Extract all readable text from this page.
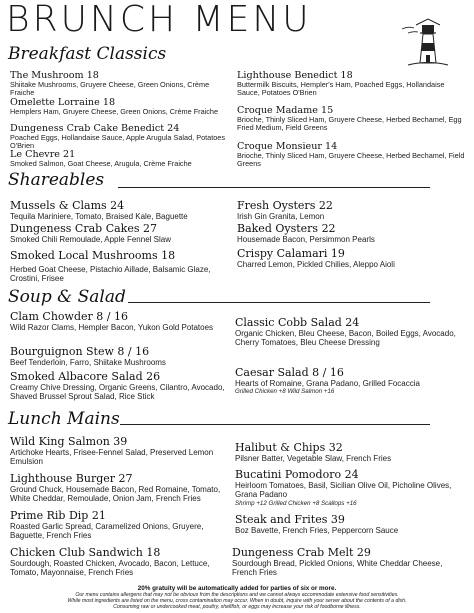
BRUNCH MENU
Breakfast Classics
The Mushroom 18
Shiitake Mushrooms, Gruyere Cheese, Green Onions, Crème Fraiche
Omelette Lorraine 18
Hemplers Ham, Gruyere Cheese, Green Onions, Crème Fraiche
Dungeness Crab Cake Benedict 24
Poached Eggs, Hollandaise Sauce, Apple Arugula Salad, Potatoes O'Brien
Le Chevre 21
Smoked Salmon, Goat Cheese, Arugula, Crème Fraiche
Lighthouse Benedict 18
Buttermilk Biscuits, Hempler's Ham, Poached Eggs, Hollandaise Sauce, Potatoes O'Brien
Croque Madame 15
Brioche, Thinly Sliced Ham, Gruyere Cheese, Herbed Bechamel, Egg Fried Medium, Field Greens
Croque Monsieur 14
Brioche, Thinly Sliced Ham, Gruyere Cheese, Herbed Bechamel, Field Greens
Shareables
Mussels & Clams 24
Tequila Mariniere, Tomato, Braised Kale, Baguette
Dungeness Crab Cakes 27
Smoked Chili Remoulade, Apple Fennel Slaw
Smoked Local Mushrooms 18
Herbed Goat Cheese, Pistachio Aillade, Balsamic Glaze, Crostini, Frisee
Fresh Oysters 22
Irish Gin Granita, Lemon
Baked Oysters 22
Housemade Bacon, Persimmon Pearls
Crispy Calamari 19
Charred Lemon, Pickled Chilies, Aleppo Aioli
Soup & Salad
Clam Chowder 8 / 16
Wild Razor Clams, Hempler Bacon, Yukon Gold Potatoes
Bourguignon Stew 8 / 16
Beef Tenderloin, Farro, Shiitake Mushrooms
Smoked Albacore Salad 26
Creamy Chive Dressing, Organic Greens, Cilantro, Avocado, Shaved Brussel Sprout Salad, Rice Stick
Classic Cobb Salad 24
Organic Chicken, Bleu Cheese, Bacon, Boiled Eggs, Avocado, Cherry Tomatoes, Bleu Cheese Dressing
Caesar Salad 8 / 16
Hearts of Romaine, Grana Padano, Grilled Focaccia
Grilled Chicken +8 Wild Salmon +16
Lunch Mains
Wild King Salmon 39
Artichoke Hearts, Frisee-Fennel Salad, Preserved Lemon Emulsion
Lighthouse Burger 27
Ground Chuck, Housemade Bacon, Red Romaine, Tomato, White Cheddar, Remoulade, Onion Jam, French Fries
Prime Rib Dip 21
Roasted Garlic Spread, Caramelized Onions, Gruyere, Baguette, French Fries
Chicken Club Sandwich 18
Sourdough, Roasted Chicken, Avocado, Bacon, Lettuce, Tomato, Mayonnaise, French Fries
Halibut & Chips 32
Pilsner Batter, Vegetable Slaw, French Fries
Bucatini Pomodoro 24
Heirloom Tomatoes, Basil, Sicilian Olive Oil, Picholine Olives, Grana Padano
Shrimp +12 Grilled Chicken +8 Scallops +16
Steak and Frites 39
Boz Bavette, French Fries, Peppercorn Sauce
Dungeness Crab Melt 29
Sourdough Bread, Pickled Onions, White Cheddar Cheese, French Fries
20% gratuity will be automatically added for parties of six or more.
Our menu contains allergens that may not be obvious from the descriptions and we cannot always accommodate extensive food sensitivities.
While most ingredients are listed on the menu, cross contamination may occur. When in doubt, inquire with your server about the contents of a dish.
Consuming raw or undercooked meat, poultry, shellfish, or eggs may increase your risk of foodborne illness.
